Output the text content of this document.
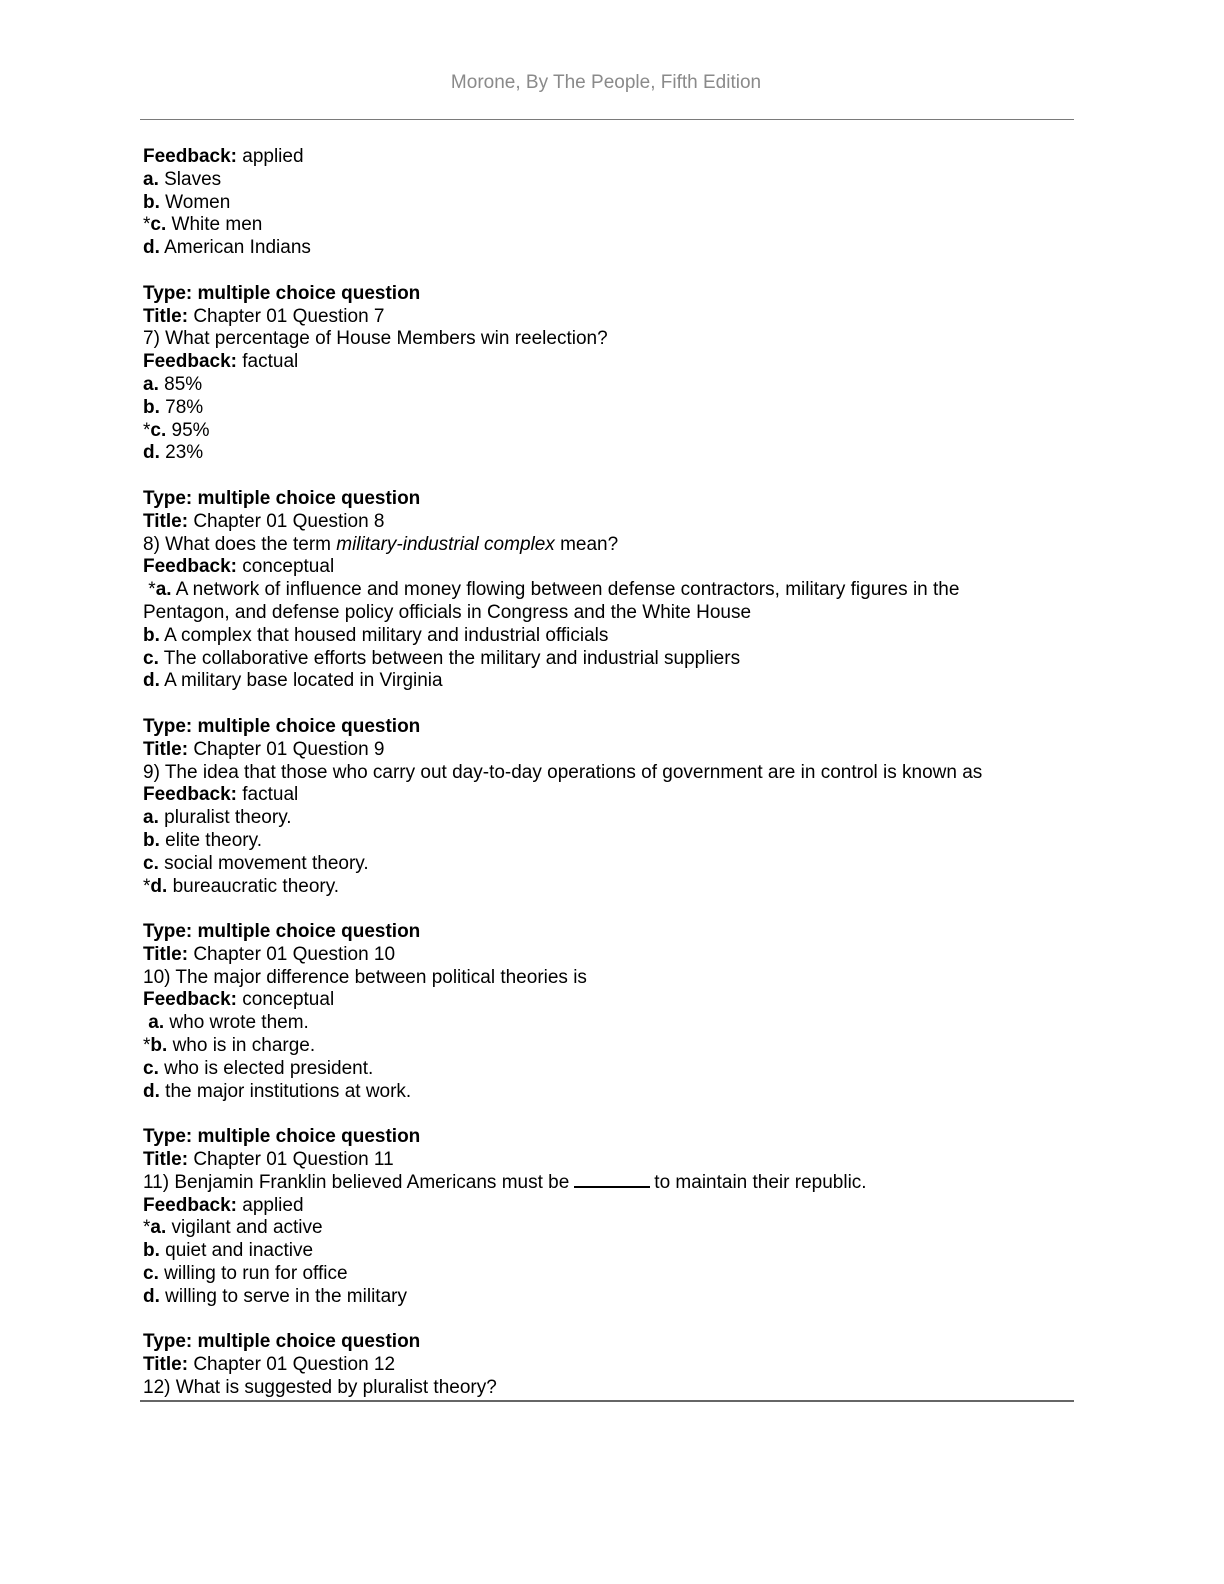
Morone, By The People, Fifth Edition

Feedback: applied

a. Slaves

b. Women

*c. White men

d. American Indians

Type: multiple choice question

Title: Chapter 01 Question 7

7) What percentage of House Members win reelection?

Feedback: factual

a. 85%

b. 78%

*c. 95%

d. 23%

Type: multiple choice question

Title: Chapter 01 Question 8

8) What does the term military-industrial complex mean?

Feedback: conceptual

*a. A network of influence and money flowing between defense contractors, military figures in the Pentagon, and defense policy officials in Congress and the White House

b. A complex that housed military and industrial officials

c. The collaborative efforts between the military and industrial suppliers

d. A military base located in Virginia

Type: multiple choice question

Title: Chapter 01 Question 9

9) The idea that those who carry out day-to-day operations of government are in control is known as

Feedback: factual

a. pluralist theory.

b. elite theory.

c. social movement theory.

*d. bureaucratic theory.

Type: multiple choice question

Title: Chapter 01 Question 10

10) The major difference between political theories is

Feedback: conceptual

a. who wrote them.

*b. who is in charge.

c. who is elected president.

d. the major institutions at work.

Type: multiple choice question

Title: Chapter 01 Question 11

11) Benjamin Franklin believed Americans must be	to maintain their republic.

Feedback: applied

*a. vigilant and active

b. quiet and inactive

c. willing to run for office

d. willing to serve in the military

Type: multiple choice question

Title: Chapter 01 Question 12

12) What is suggested by pluralist theory?
